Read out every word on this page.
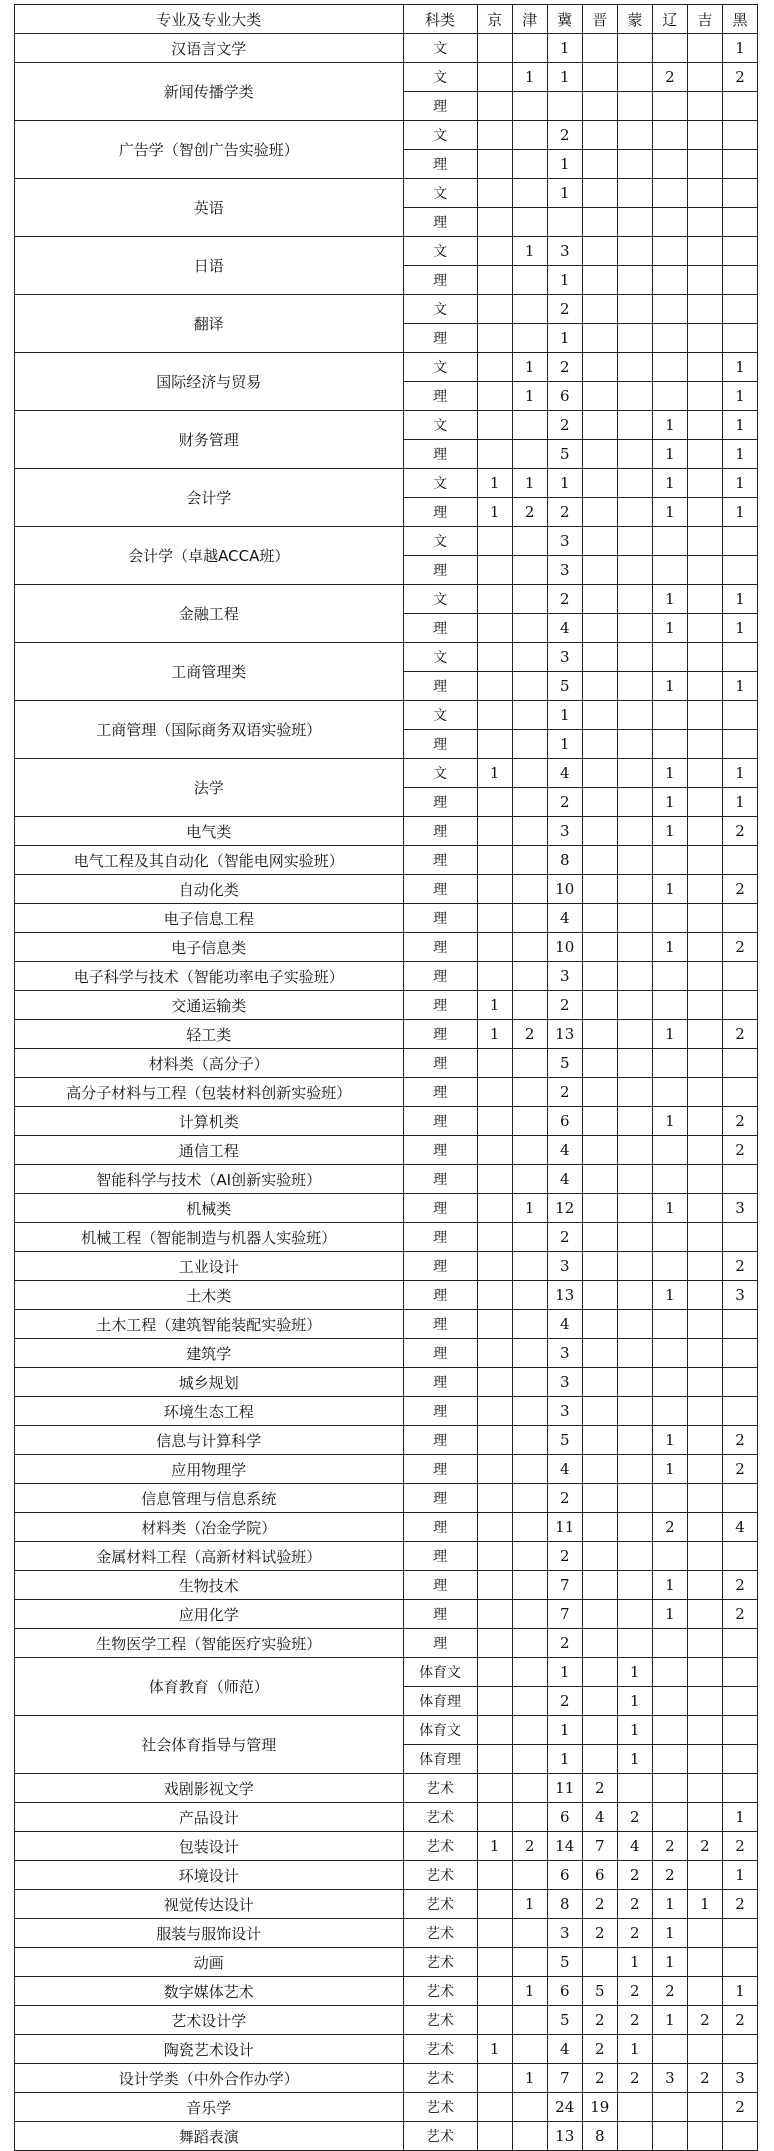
专业及专业大类	科类	京	津	冀	晋	蒙	辽	吉	黑
汉语言文学	文			1					1
新闻传播学类	文		1	1			2		2
	理								
广告学（智创广告实验班）	文			2					
	理			1					
英语	文			1					
	理								
日语	文		1	3					
	理			1					
翻译	文			2					
	理			1					
国际经济与贸易	文		1	2					1
	理		1	6					1
财务管理	文			2			1		1
	理			5			1		1
会计学	文	1	1	1			1		1
	理	1	2	2			1		1
会计学（卓越ACCA班）	文			3					
	理			3					
金融工程	文			2			1		1
	理			4			1		1
工商管理类	文			3					
	理			5			1		1
工商管理（国际商务双语实验班）	文			1					
	理			1					
法学	文	1		4			1		1
	理			2			1		1
电气类	理			3			1		2
电气工程及其自动化（智能电网实验班）	理			8					
自动化类	理			10			1		2
电子信息工程	理			4					
电子信息类	理			10			1		2
电子科学与技术（智能功率电子实验班）	理			3					
交通运输类	理	1		2					
轻工类	理	1	2	13			1		2
材料类（高分子）	理			5					
高分子材料与工程（包装材料创新实验班）	理			2					
计算机类	理			6			1		2
通信工程	理			4					2
智能科学与技术（AI创新实验班）	理			4					
机械类	理		1	12			1		3
机械工程（智能制造与机器人实验班）	理			2					
工业设计	理			3					2
土木类	理			13			1		3
土木工程（建筑智能装配实验班）	理			4					
建筑学	理			3					
城乡规划	理			3					
环境生态工程	理			3					
信息与计算科学	理			5			1		2
应用物理学	理			4			1		2
信息管理与信息系统	理			2					
材料类（冶金学院）	理			11			2		4
金属材料工程（高新材料试验班）	理			2					
生物技术	理			7			1		2
应用化学	理			7			1		2
生物医学工程（智能医疗实验班）	理			2					
体育教育（师范）	体育文			1		1			
	体育理			2		1			
社会体育指导与管理	体育文			1		1			
	体育理			1		1			
戏剧影视文学	艺术			11	2				
产品设计	艺术			6	4	2			1
包装设计	艺术	1	2	14	7	4	2	2	2
环境设计	艺术			6	6	2	2		1
视觉传达设计	艺术		1	8	2	2	1	1	2
服装与服饰设计	艺术			3	2	2	1		
动画	艺术			5		1	1		
数字媒体艺术	艺术		1	6	5	2	2		1
艺术设计学	艺术			5	2	2	1	2	2
陶瓷艺术设计	艺术	1		4	2	1			
设计学类（中外合作办学）	艺术		1	7	2	2	3	2	3
音乐学	艺术			24	19				2
舞蹈表演	艺术			13	8				
